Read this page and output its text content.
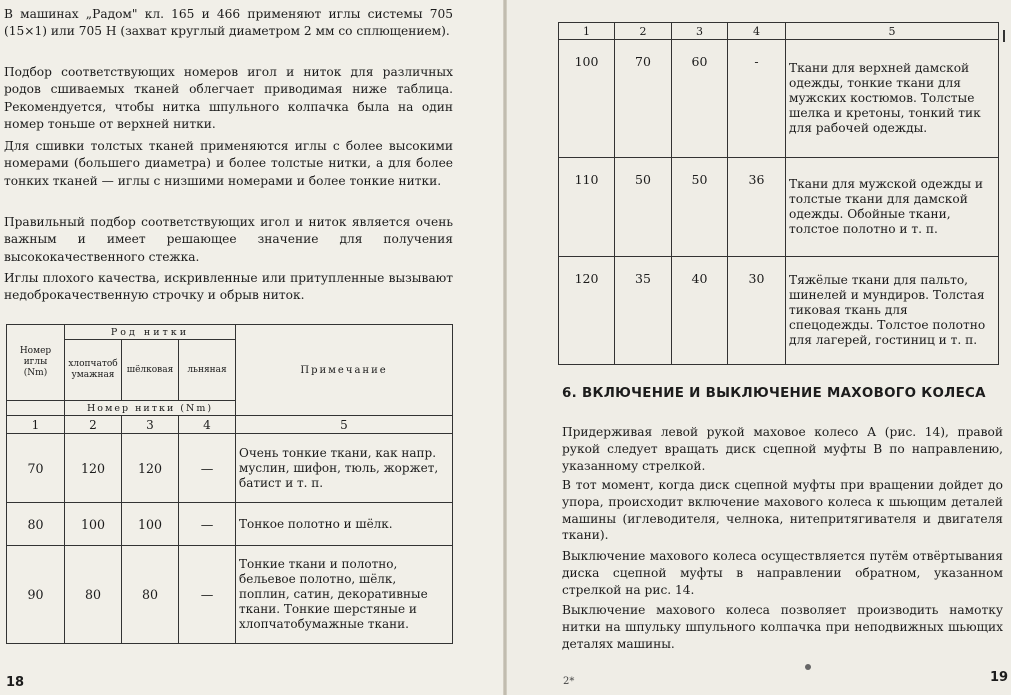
В машинах „Радом" кл. 165 и 466 применяют иглы системы 705 (15×1) или 705 Н (захват круглый диаметром 2 мм со сплющением).

Подбор соответствующих номеров игол и ниток для различных родов сшиваемых тканей облегчает приводимая ниже таблица. Рекомендуется, чтобы нитка шпульного колпачка была на один номер тоньше от верхней нитки.

Для сшивки толстых тканей применяются иглы с более высокими номерами (большего диаметра) и более толстые нитки, а для более тонких тканей — иглы с низшими номерами и более тонкие нитки.

Правильный подбор соответствующих игол и ниток является очень важным и имеет решающее значение для получения высококачественного стежка.

Иглы плохого качества, искривленные или притупленные вызывают недоброкачественную строчку и обрыв ниток.

Номер иглы (Nm)	Род нитки			Примечание
	хлопчатобумажная	шёлковая	льняная	
	Номер нитки (Nm)			
1	2	3	4	5
70	120	120	—	Очень тонкие ткани, как напр. муслин, шифон, тюль, жоржет, батист и т. п.
80	100	100	—	Тонкое полотно и шёлк.
90	80	80	—	Тонкие ткани и полотно, бельевое полотно, шёлк, поплин, сатин, декоративные ткани. Тонкие шерстяные и хлопчатобумажные ткани.
18
1	2	3	4	5
100	70	60	-	Ткани для верхней дамской одежды, тонкие ткани для мужских костюмов. Толстые шелка и кретоны, тонкий тик для рабочей одежды.
110	50	50	36	Ткани для мужской одежды и толстые ткани для дамской одежды. Обойные ткани, толстое полотно и т. п.
120	35	40	30	Тяжёлые ткани для пальто, шинелей и мундиров. Толстая тиковая ткань для спецодежды. Толстое полотно для лагерей, гостиниц и т. п.
6. ВКЛЮЧЕНИЕ И ВЫКЛЮЧЕНИЕ МАХОВОГО КОЛЕСА

Придерживая левой рукой маховое колесо А (рис. 14), правой рукой следует вращать диск сцепной муфты В по направлению, указанному стрелкой.

В тот момент, когда диск сцепной муфты при вращении дойдет до упора, происходит включение махового колеса к шьющим деталей машины (иглеводителя, челнока, нитепритягивателя и двигателя ткани).

Выключение махового колеса осуществляется путём отвёртывания диска сцепной муфты в направлении обратном, указанном стрелкой на рис. 14.

Выключение махового колеса позволяет производить намотку нитки на шпульку шпульного колпачка при неподвижных шьющих деталях машины.

2*	19
